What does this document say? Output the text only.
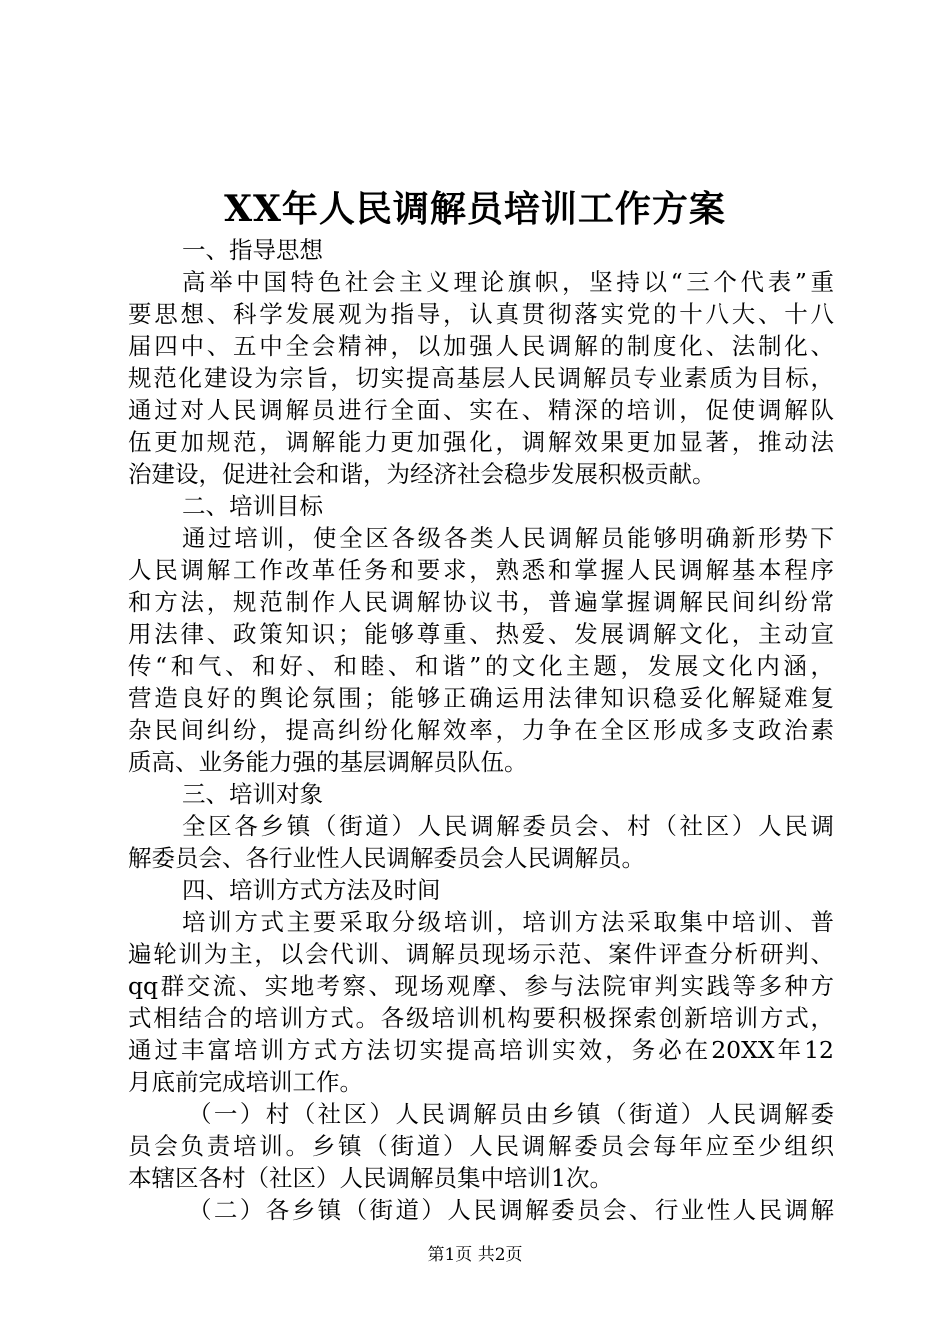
XX年人民调解员培训工作方案
一、指导思想
高举中国特色社会主义理论旗帜，坚持以“三个代表”重
要思想、科学发展观为指导，认真贯彻落实党的十八大、十八
届四中、五中全会精神，以加强人民调解的制度化、法制化、
规范化建设为宗旨，切实提高基层人民调解员专业素质为目标，
通过对人民调解员进行全面、实在、精深的培训，促使调解队
伍更加规范，调解能力更加强化，调解效果更加显著，推动法
治建设，促进社会和谐，为经济社会稳步发展积极贡献。
二、培训目标
通过培训，使全区各级各类人民调解员能够明确新形势下
人民调解工作改革任务和要求，熟悉和掌握人民调解基本程序
和方法，规范制作人民调解协议书，普遍掌握调解民间纠纷常
用法律、政策知识；能够尊重、热爱、发展调解文化，主动宣
传“和气、和好、和睦、和谐”的文化主题，发展文化内涵，
营造良好的舆论氛围；能够正确运用法律知识稳妥化解疑难复
杂民间纠纷，提高纠纷化解效率，力争在全区形成多支政治素
质高、业务能力强的基层调解员队伍。
三、培训对象
全区各乡镇（街道）人民调解委员会、村（社区）人民调
解委员会、各行业性人民调解委员会人民调解员。
四、培训方式方法及时间
培训方式主要采取分级培训，培训方法采取集中培训、普
遍轮训为主，以会代训、调解员现场示范、案件评查分析研判、
qq群交流、实地考察、现场观摩、参与法院审判实践等多种方
式相结合的培训方式。各级培训机构要积极探索创新培训方式，
通过丰富培训方式方法切实提高培训实效，务必在20XX年12
月底前完成培训工作。
（一）村（社区）人民调解员由乡镇（街道）人民调解委
员会负责培训。乡镇（街道）人民调解委员会每年应至少组织
本辖区各村（社区）人民调解员集中培训1次。
（二）各乡镇（街道）人民调解委员会、行业性人民调解
第1页 共2页
